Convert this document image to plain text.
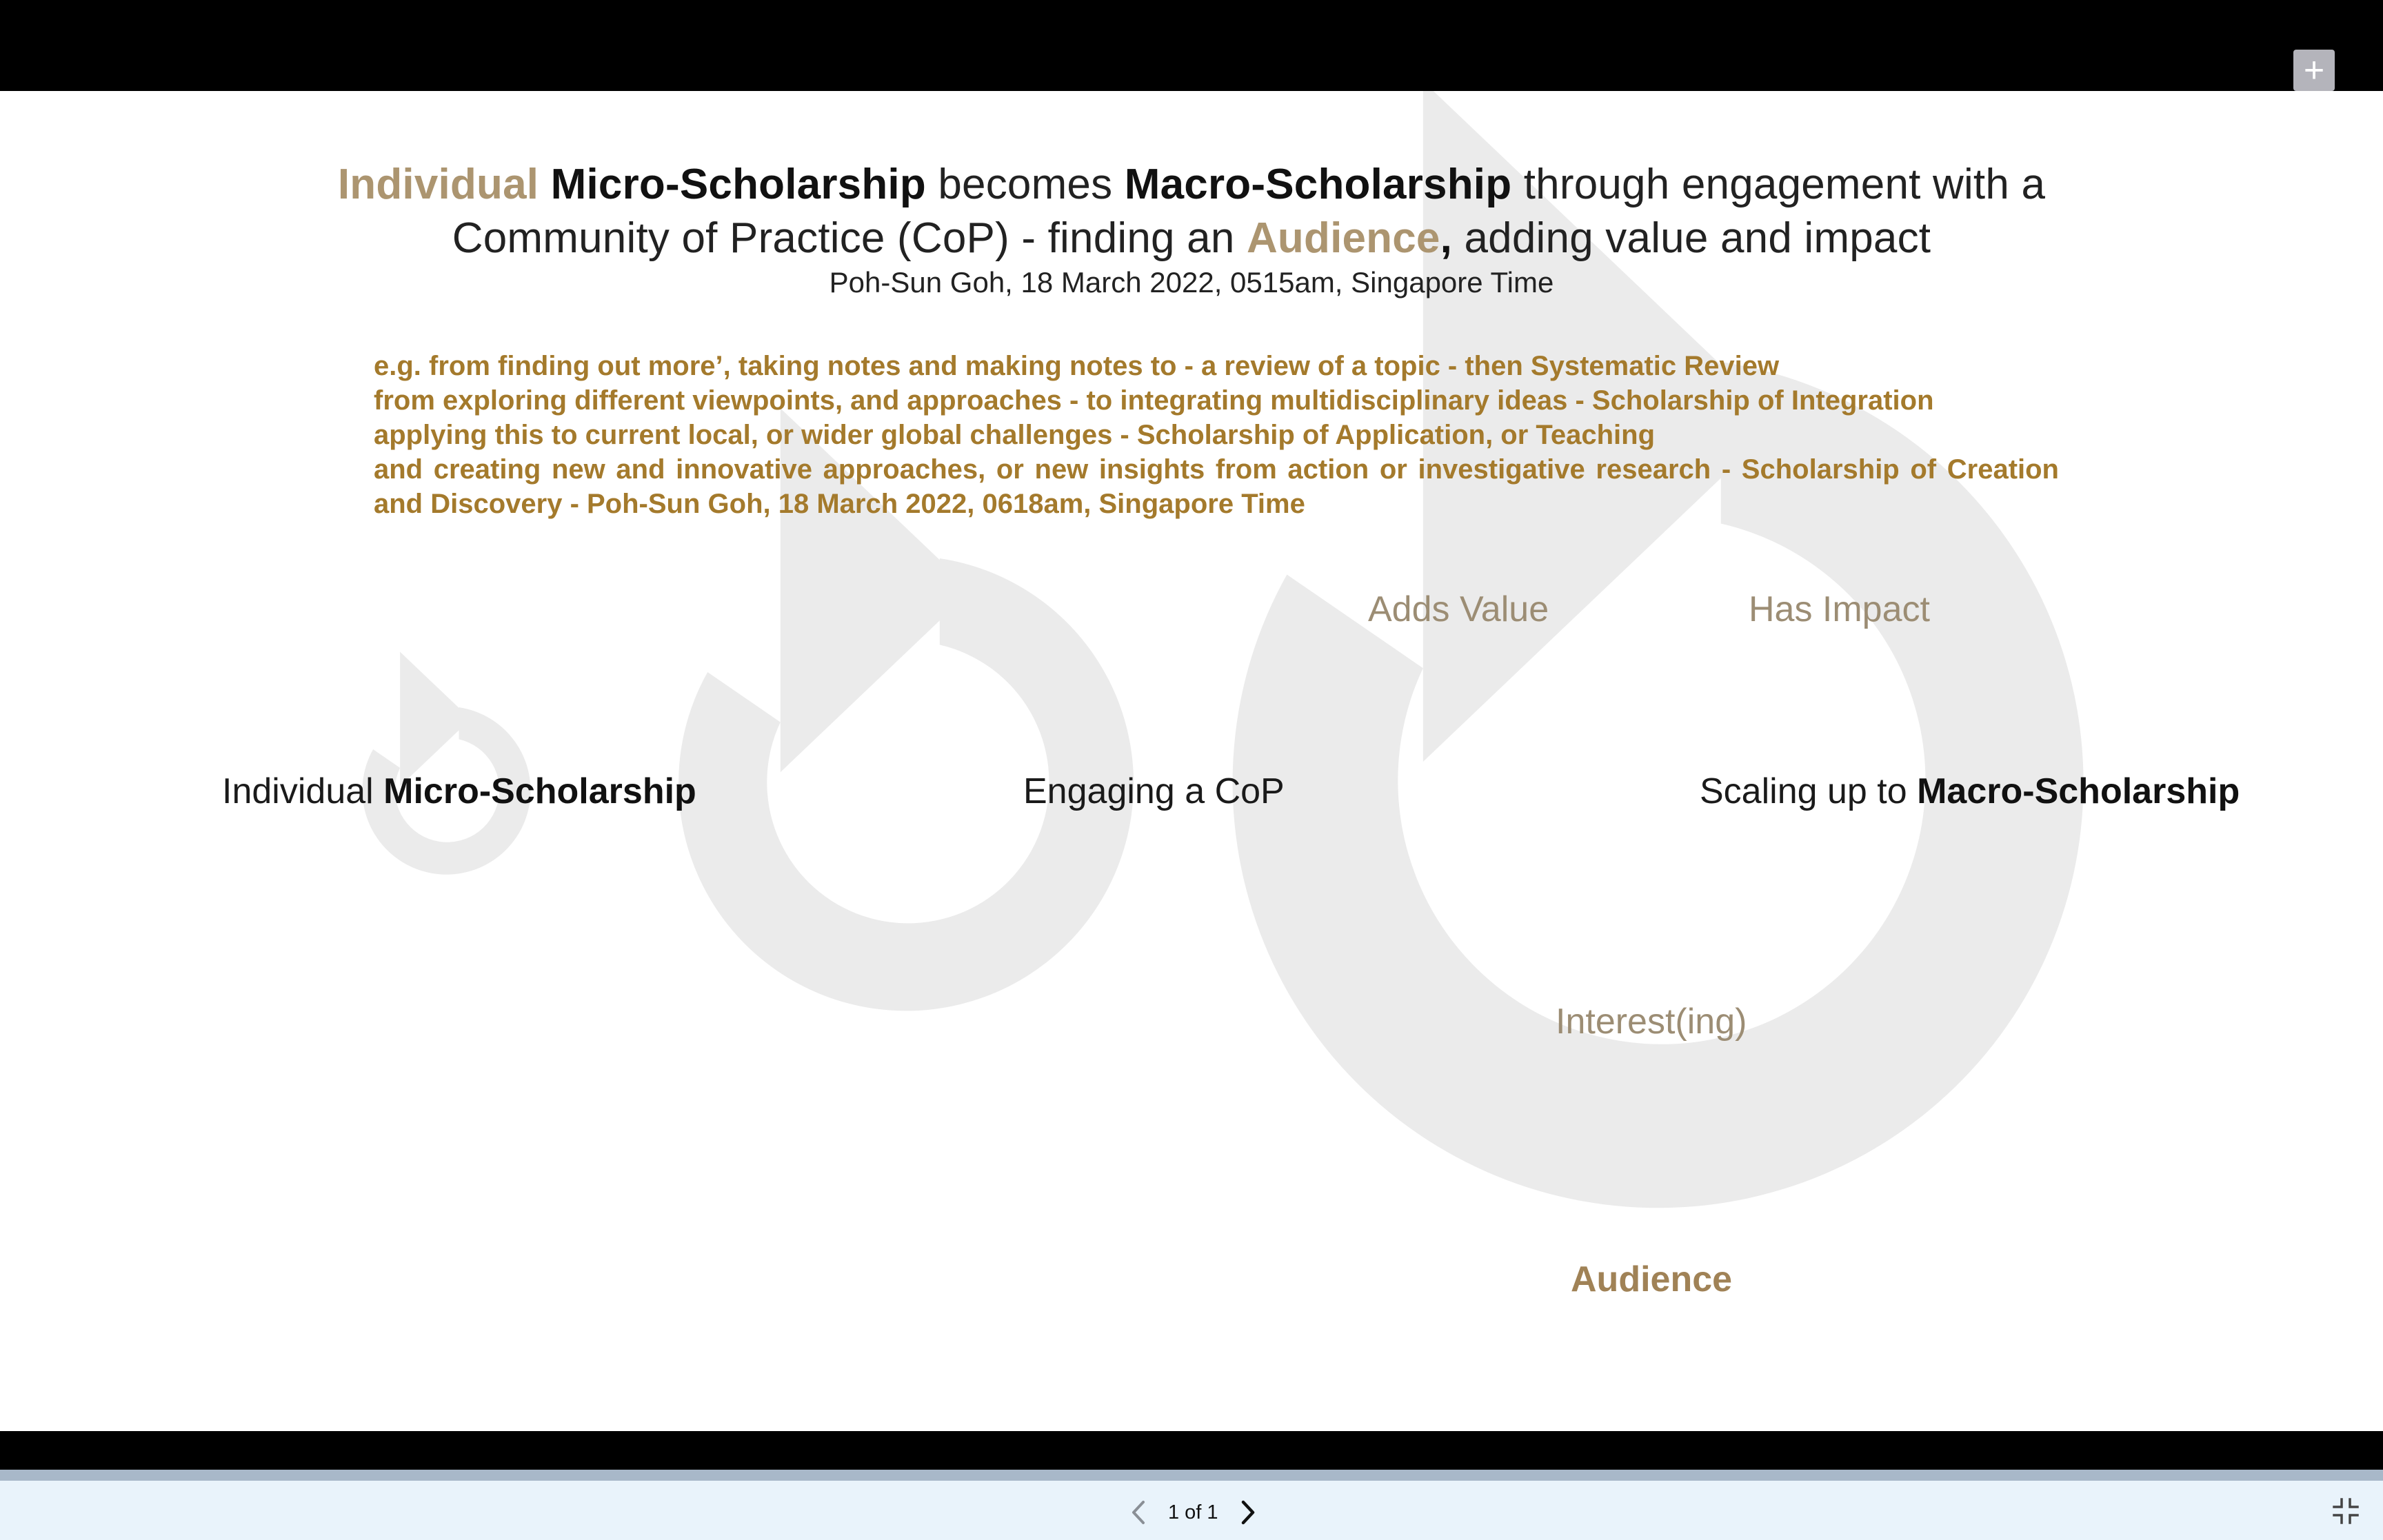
+
Individual Micro-Scholarship becomes Macro-Scholarship through engagement with a
Community of Practice (CoP) - finding an Audience, adding value and impact
Poh-Sun Goh, 18 March 2022, 0515am, Singapore Time
e.g. from finding out more’, taking notes and making notes to - a review of a topic - then Systematic Review
from exploring different viewpoints, and approaches - to integrating multidisciplinary ideas - Scholarship of Integration
applying this to current local, or wider global challenges - Scholarship of Application, or Teaching
and creating new and innovative approaches, or new insights from action or investigative research - Scholarship of Creation and Discovery - Poh-Sun Goh, 18 March 2022, 0618am, Singapore Time
Adds Value	Has Impact
Individual Micro-Scholarship	Engaging a CoP	Scaling up to Macro-Scholarship
Interest(ing)
Audience
1 of 1
